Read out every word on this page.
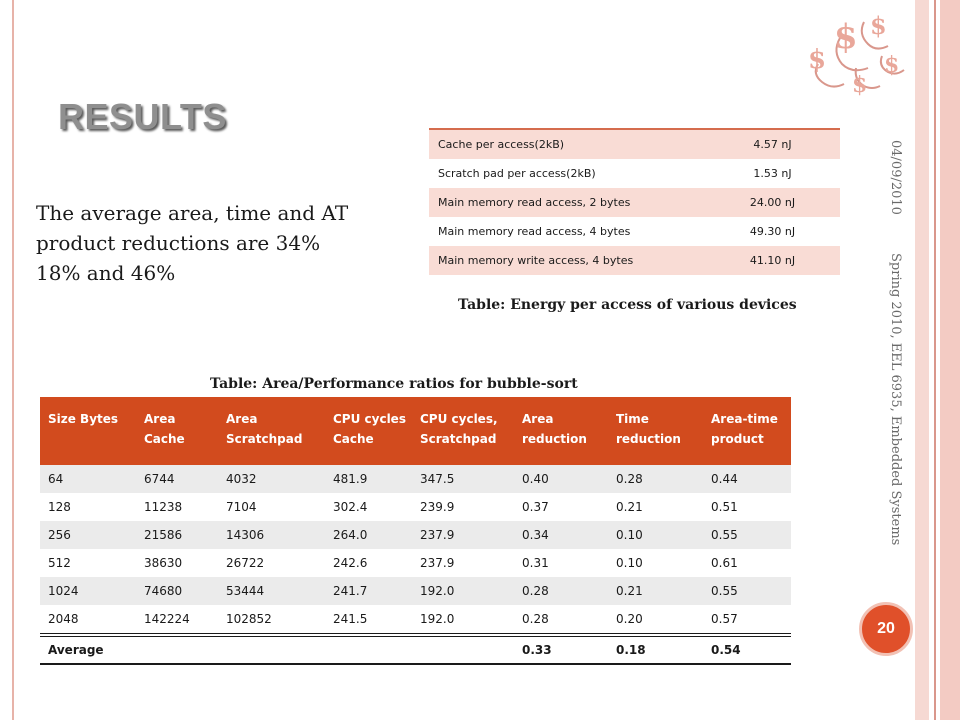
$
$ $
$
$
RESULTS
The average area, time and AT product reductions are 34% 18% and 46%
Cache per access(2kB)	4.57 nJ
Scratch pad per access(2kB)	1.53 nJ
Main memory read access, 2 bytes	24.00 nJ
Main memory read access, 4 bytes	49.30 nJ
Main memory write access, 4 bytes	41.10 nJ
Table: Energy per access of various devices
04/09/2010
Spring 2010, EEL 6935, Embedded Systems
Table: Area/Performance ratios for bubble-sort
Size Bytes	Area Cache	Area Scratchpad	CPU cycles Cache	CPU cycles, Scratchpad	Area reduction	Time reduction	Area-time product
64	6744	4032	481.9	347.5	0.40	0.28	0.44
128	11238	7104	302.4	239.9	0.37	0.21	0.51
256	21586	14306	264.0	237.9	0.34	0.10	0.55
512	38630	26722	242.6	237.9	0.31	0.10	0.61
1024	74680	53444	241.7	192.0	0.28	0.21	0.55
2048	142224	102852	241.5	192.0	0.28	0.20	0.57
Average					0.33	0.18	0.54
20
